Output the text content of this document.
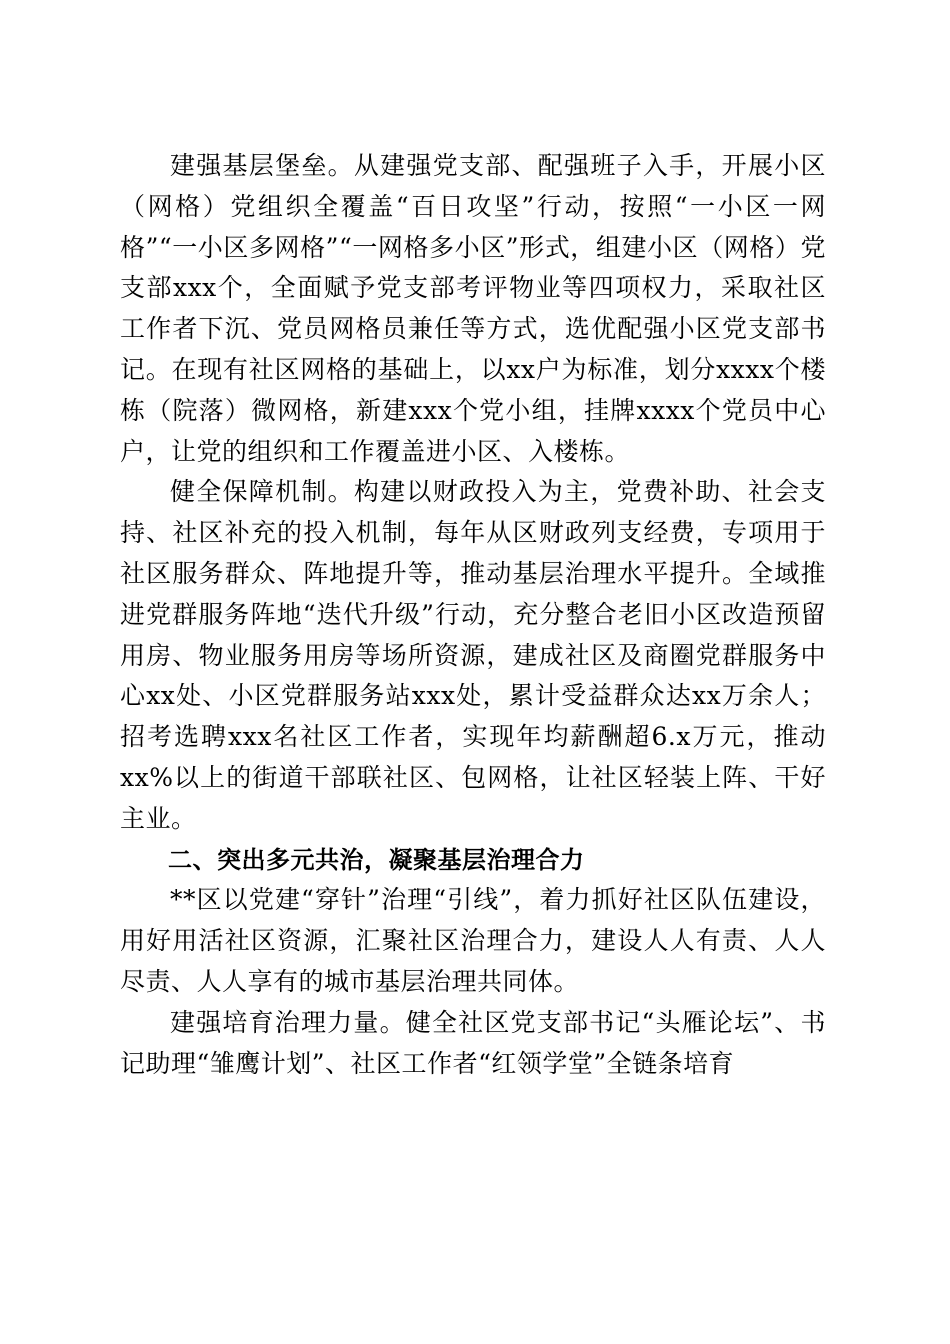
建强基层堡垒。从建强党支部、配强班子入手，开展小区（网格）党组织全覆盖“百日攻坚”行动，按照“一小区一网格”“一小区多网格”“一网格多小区”形式，组建小区（网格）党支部xxx个，全面赋予党支部考评物业等四项权力，采取社区工作者下沉、党员网格员兼任等方式，选优配强小区党支部书记。在现有社区网格的基础上，以xx户为标准，划分xxxx个楼栋（院落）微网格，新建xxx个党小组，挂牌xxxx个党员中心户，让党的组织和工作覆盖进小区、入楼栋。

健全保障机制。构建以财政投入为主，党费补助、社会支持、社区补充的投入机制，每年从区财政列支经费，专项用于社区服务群众、阵地提升等，推动基层治理水平提升。全域推进党群服务阵地“迭代升级”行动，充分整合老旧小区改造预留用房、物业服务用房等场所资源，建成社区及商圈党群服务中心xx处、小区党群服务站xxx处，累计受益群众达xx万余人；招考选聘xxx名社区工作者，实现年均薪酬超6.x万元，推动xx%以上的街道干部联社区、包网格，让社区轻装上阵、干好主业。

二、突出多元共治，凝聚基层治理合力

**区以党建“穿针”治理“引线”，着力抓好社区队伍建设，用好用活社区资源，汇聚社区治理合力，建设人人有责、人人尽责、人人享有的城市基层治理共同体。

建强培育治理力量。健全社区党支部书记“头雁论坛”、书记助理“雏鹰计划”、社区工作者“红领学堂”全链条培育
